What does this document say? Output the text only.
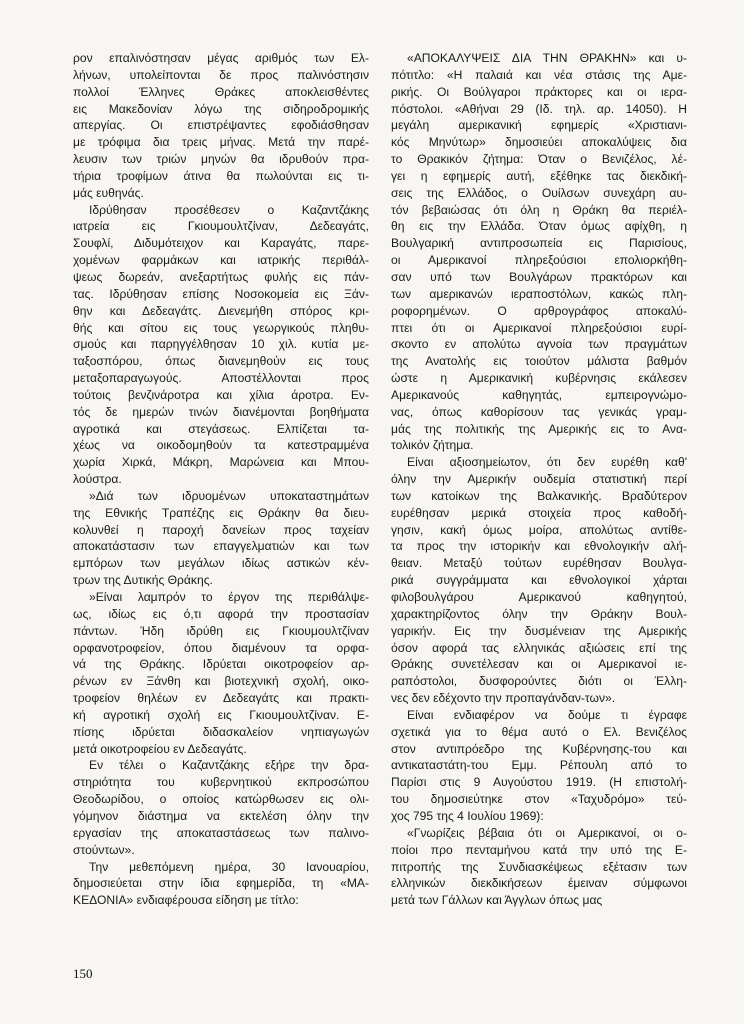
ρον επαλινόστησαν μέγας αριθμός των Ελ-
λήνων, υπολείπονται δε προς παλινόστησιν
πολλοί Έλληνες Θράκες αποκλεισθέντες
εις Μακεδονίαν λόγω της σιδηροδρομικής
απεργίας. Οι επιστρέψαντες εφοδιάσθησαν
με τρόφιμα δια τρεις μήνας. Μετά την παρέ-
λευσιν των τριών μηνών θα ιδρυθούν πρα-
τήρια τροφίμων άτινα θα πωλούνται εις τι-
μάς ευθηνάς.
Ιδρύθησαν προσέθεσεν ο Καζαντζάκης
ιατρεία εις Γκιουμουλτζίναν, Δεδεαγάτς,
Σουφλί, Διδυμότειχον και Καραγάτς, παρε-
χομένων φαρμάκων και ιατρικής περιθάλ-
ψεως δωρεάν, ανεξαρτήτως φυλής εις πάν-
τας. Ιδρύθησαν επίσης Νοσοκομεία εις Ξάν-
θην και Δεδεαγάτς. Διενεμήθη σπόρος κρι-
θής και σίτου εις τους γεωργικούς πληθυ-
σμούς και παρηγγέλθησαν 10 χιλ. κυτία με-
ταξοσπόρου, όπως διανεμηθούν εις τους
μεταξοπαραγωγούς. Αποστέλλονται προς
τούτοις βενζινάροτρα και χίλια άροτρα. Εν-
τός δε ημερών τινών διανέμονται βοηθήματα
αγροτικά και στεγάσεως. Ελπίζεται τα-
χέως να οικοδομηθούν τα κατεστραμμένα
χωρία Χιρκά, Μάκρη, Μαρώνεια και Μπου-
λούστρα.
»Διά των ιδρυομένων υποκαταστημάτων
της Εθνικής Τραπέζης εις Θράκην θα διευ-
κολυνθεί η παροχή δανείων προς ταχείαν
αποκατάστασιν των επαγγελματιών και των
εμπόρων των μεγάλων ιδίως αστικών κέν-
τρων της Δυτικής Θράκης.
»Είναι λαμπρόν το έργον της περιθάλψε-
ως, ιδίως εις ό,τι αφορά την προστασίαν
πάντων. Ήδη ιδρύθη εις Γκιουμουλτζίναν
ορφανοτροφείον, όπου διαμένουν τα ορφα-
νά της Θράκης. Ιδρύεται οικοτροφείον αρ-
ρένων εν Ξάνθη και βιοτεχνική σχολή, οικο-
τροφείον θηλέων εν Δεδεαγάτς και πρακτι-
κή αγροτική σχολή εις Γκιουμουλτζίναν. Ε-
πίσης ιδρύεται διδασκαλείον νηπιαγωγών
μετά οικοτροφείου εν Δεδεαγάτς.
Εν τέλει ο Καζαντζάκης εξήρε την δρα-
στηριότητα του κυβερνητικού εκπροσώπου
Θεοδωρίδου, ο οποίος κατώρθωσεν εις ολι-
γόμηνον διάστημα να εκτελέση όλην την
εργασίαν της αποκαταστάσεως των παλινο-
στούντων».
Την μεθεπόμενη ημέρα, 30 Ιανουαρίου,
δημοσιεύεται στην ίδια εφημερίδα, τη «ΜΑ-
ΚΕΔΟΝΙΑ» ενδιαφέρουσα είδηση με τίτλο:
«ΑΠΟΚΑΛΥΨΕΙΣ ΔΙΑ ΤΗΝ ΘΡΑΚΗΝ» και υ-
πότιτλο: «Η παλαιά και νέα στάσις της Αμε-
ρικής. Οι Βούλγαροι πράκτορες και οι ιερα-
πόστολοι. «Αθήναι 29 (Ιδ. τηλ. αρ. 14050). Η
μεγάλη αμερικανική εφημερίς «Χριστιανι-
κός Μηνύτωρ» δημοσιεύει αποκαλύψεις δια
το Θρακικόν ζήτημα: Όταν ο Βενιζέλος, λέ-
γει η εφημερίς αυτή, εξέθηκε τας διεκδική-
σεις της Ελλάδος, ο Ουίλσων συνεχάρη αυ-
τόν βεβαιώσας ότι όλη η Θράκη θα περιέλ-
θη εις την Ελλάδα. Όταν όμως αφίχθη, η
Βουλγαρική αντιπροσωπεία εις Παρισίους,
οι Αμερικανοί πληρεξούσιοι επολιορκήθη-
σαν υπό των Βουλγάρων πρακτόρων και
των αμερικανών ιεραποστόλων, κακώς πλη-
ροφορημένων. Ο αρθρογράφος αποκαλύ-
πτει ότι οι Αμερικανοί πληρεξούσιοι ευρί-
σκοντο εν απολύτω αγνοία των πραγμάτων
της Ανατολής εις τοιούτον μάλιστα βαθμόν
ώστε η Αμερικανική κυβέρνησις εκάλεσεν
Αμερικανούς καθηγητάς, εμπειρογνώμο-
νας, όπως καθορίσουν τας γενικάς γραμ-
μάς της πολιτικής της Αμερικής εις το Ανα-
τολικόν ζήτημα.
Είναι αξιοσημείωτον, ότι δεν ευρέθη καθ'
όλην την Αμερικήν ουδεμία στατιστική περί
των κατοίκων της Βαλκανικής. Βραδύτερον
ευρέθησαν μερικά στοιχεία προς καθοδή-
γησιν, κακή όμως μοίρα, απολύτως αντίθε-
τα προς την ιστορικήν και εθνολογικήν αλή-
θειαν. Μεταξύ τούτων ευρέθησαν Βουλγα-
ρικά συγγράμματα και εθνολογικοί χάρται
φιλοβουλγάρου Αμερικανού καθηγητού,
χαρακτηρίζοντος όλην την Θράκην Βουλ-
γαρικήν. Εις την δυσμένειαν της Αμερικής
όσον αφορά τας ελληνικάς αξιώσεις επί της
Θράκης συνετέλεσαν και οι Αμερικανοί ιε-
ραπόστολοι, δυσφορούντες διότι οι Έλλη-
νες δεν εδέχοντο την προπαγάνδαν-των».
Είναι ενδιαφέρον να δούμε τι έγραφε
σχετικά για το θέμα αυτό ο Ελ. Βενιζέλος
στον αντιπρόεδρο της Κυβέρνησης-του και
αντικαταστάτη-του Εμμ. Ρέπουλη από το
Παρίσι στις 9 Αυγούστου 1919. (Η επιστολή-
του δημοσιεύτηκε στον «Ταχυδρόμο» τεύ-
χος 795 της 4 Ιουλίου 1969):
«Γνωρίζεις βέβαια ότι οι Αμερικανοί, οι ο-
ποίοι προ πενταμήνου κατά την υπό της Ε-
πιτροπής της Συνδιασκέψεως εξέτασιν των
ελληνικών διεκδικήσεων έμειναν σύμφωνοι
μετά των Γάλλων και Άγγλων όπως μας
150
